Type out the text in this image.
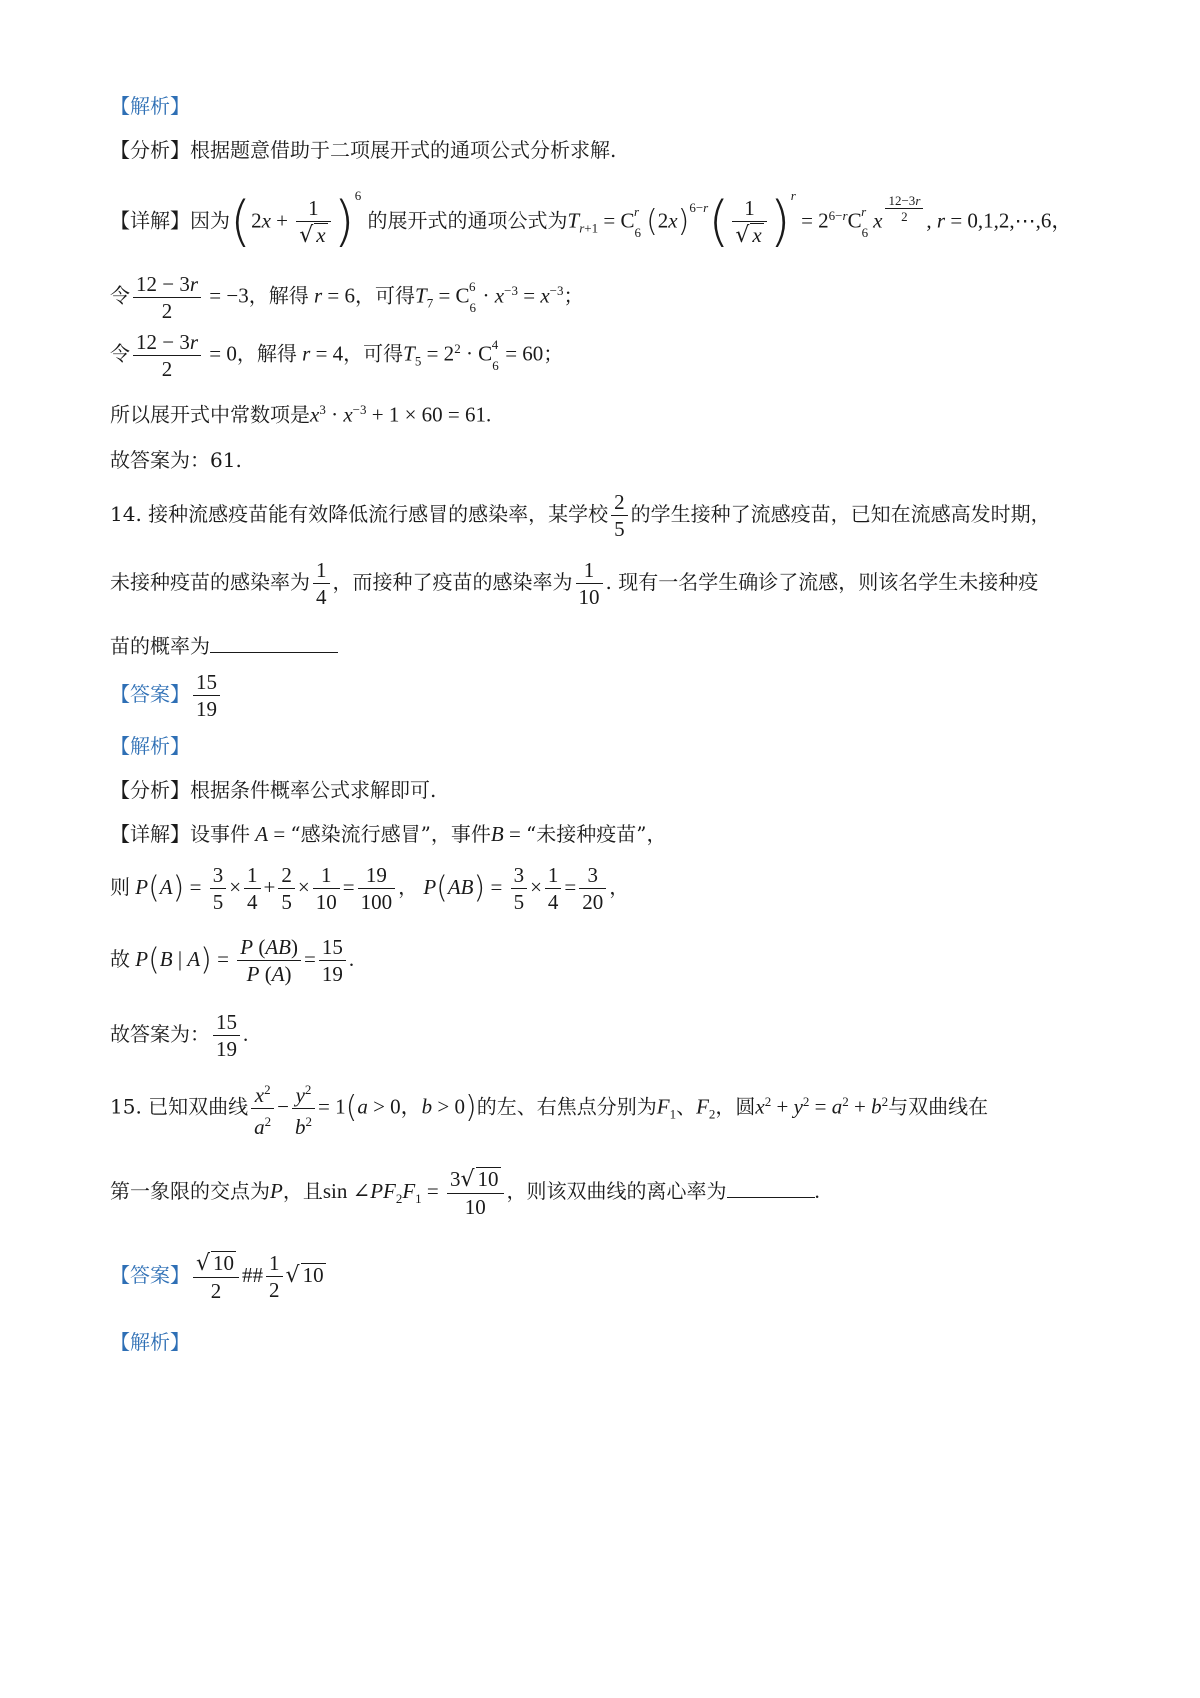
【解析】
【分析】根据题意借助于二项展开式的通项公式分析求解.
【详解】因为$(2x + \frac{1}{√ x} )^6$ 的展开式的通项公式为$T_{r+1} = C_6^r$ $(2x)^{6-r}( \frac{1}{√ x} )^r = 2^{6-r}C_6^r$ x $\frac{12-3r}{2}$ , r = 0,1,2,⋯,6，
令 $\frac{12 - 3r}{2} = -3$，解得 r = 6，可得$T_7 = C_6^6 \cdot x^{-3} = x^{-3}$；
令 $\frac{12 - 3r}{2} = 0$，解得 r = 4，可得$T_5 = 2^2 \cdot C_6^4 = 60$；
所以展开式中常数项是$x^3 \cdot x^{-3} + 1 \times 60 = 61$.
故答案为：61.
14. 接种流感疫苗能有效降低流行感冒的感染率，某学校 $\frac{2}{5}$ 的学生接种了流感疫苗，已知在流感高发时期，
未接种疫苗的感染率为 $\frac{1}{4}$ ，而接种了疫苗的感染率为 $\frac{1}{10}$ . 现有一名学生确诊了流感，则该名学生未接种疫
苗的概率为
【答案】 $\frac{15}{19}$
【解析】
【分析】根据条件概率公式求解即可.
【详解】设事件 A = “感染流行感冒”，事件B = “未接种疫苗”，
则 $P(A) = \frac{3}{5} \times \frac{1}{4} + \frac{2}{5} \times \frac{1}{10} = \frac{19}{100}$ ， $P(AB) = \frac{3}{5} \times \frac{1}{4} = \frac{3}{20}$ ，
故 P(B | $A) = \frac{P (AB)}{P (A)} = \frac{15}{19}$ .
故答案为： $\frac{15}{19}$ .
15. 已知双曲线 $\frac{x^2}{a^2} - \frac{y^2}{b^2} = 1(a > 0$，b > 0)的左、右焦点分别为$F_1$、$F_2$，圆$x^2 + y^2 = a^2 + b^2$与双曲线在
第一象限的交点为P，且$\sin \angle PF_2F_1 = \frac{3√ 10}{10}$ ，则该双曲线的离心率为	.
【答案】 $\frac{√ 10}{2}$ ## $\frac{1}{2}$ √ 10
【解析】
